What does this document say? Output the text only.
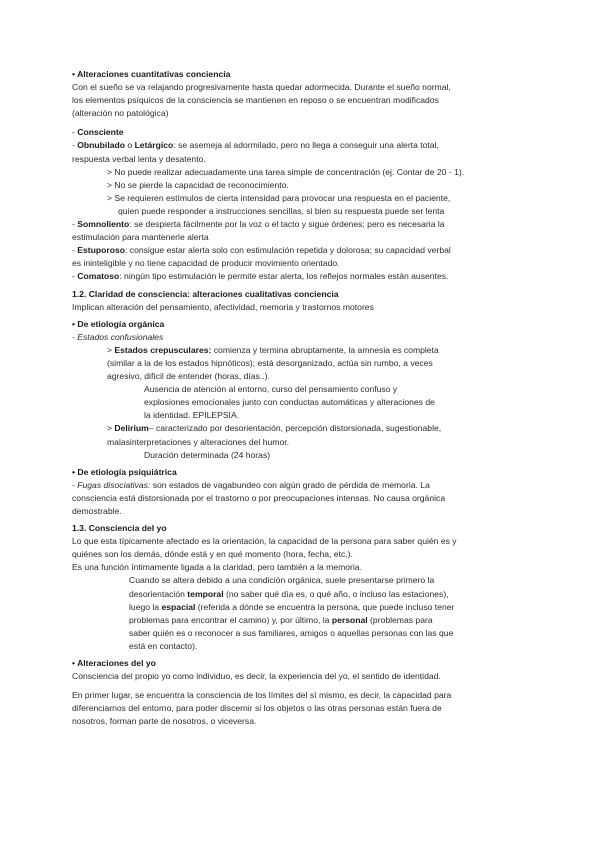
• Alteraciones cuantitativas conciencia

Con el sueño se va relajando progresivamente hasta quedar adormecida. Durante el sueño normal,

los elementos psíquicos de la consciencia se mantienen en reposo o se encuentran modificados

(alteración no patológica)

- Consciente

- Obnubilado o Letárgico: se asemeja al adormilado, pero no llega a conseguir una alerta total,

respuesta verbal lenta y desatento.

> No puede realizar adecuadamente una tarea simple de concentración (ej. Contar de 20 - 1).

> No se pierde la capacidad de reconocimiento.

> Se requieren estímulos de cierta intensidad para provocar una respuesta en el paciente,

quien puede responder a instrucciones sencillas, si bien su respuesta puede ser lenta

- Somnoliento: se despierta fácilmente por la voz o el tacto y sigue órdenes; pero es necesaria la

estimulación para mantenerle alerta

- Estuporoso: consigue estar alerta solo con estimulación repetida y dolorosa; su capacidad verbal

es ininteligible y no tiene capacidad de producir movimiento orientado.

- Comatoso: ningún tipo estimulación le permite estar alerta, los reflejos normales están ausentes.

1.2. Claridad de consciencia: alteraciones cualitativas conciencia

Implican alteración del pensamiento, afectividad, memoria y trastornos motores

• De etiología orgánica

- Estados confusionales

> Estados crepusculares: comienza y termina abruptamente, la amnesia es completa

(similar a la de los estados hipnóticos); está desorganizado, actúa sin rumbo, a veces

agresivo, difícil de entender (horas, días..).

Ausencia de atención al entorno, curso del pensamiento confuso y

explosiones emocionales junto con conductas automáticas y alteraciones de

la identidad. EPILEPSIA.

> Delirium– caracterizado por desorientación, percepción distorsionada, sugestionable,

malasinterpretaciones y alteraciones del humor.

Duración determinada (24 horas)

• De etiología psiquiátrica

- Fugas disociativas: son estados de vagabundeo con algún grado de pérdida de memoria. La

consciencia está distorsionada por el trastorno o por preocupaciones intensas. No causa orgánica

demostrable.

1.3. Consciencia del yo

Lo que esta típicamente afectado es la orientación, la capacidad de la persona para saber quién es y

quiénes son los demás, dónde está y en qué momento (hora, fecha, etc.).

Es una función íntimamente ligada a la claridad, pero también a la memoria.

Cuando se altera debido a una condición orgánica, suele presentarse primero la

desorientación temporal (no saber qué día es, o qué año, o incluso las estaciones),

luego la espacial (referida a dónde se encuentra la persona, que puede incluso tener

problemas para encontrar el camino) y, por último, la personal (problemas para

saber quién es o reconocer a sus familiares, amigos o aquellas personas con las que

está en contacto).

• Alteraciones del yo

Consciencia del propio yo como individuo, es decir, la experiencia del yo, el sentido de identidad.

En primer lugar, se encuentra la consciencia de los límites del sí mismo, es decir, la capacidad para

diferenciarnos del entorno, para poder discernir si los objetos o las otras personas están fuera de

nosotros, forman parte de nosotros, o viceversa.
